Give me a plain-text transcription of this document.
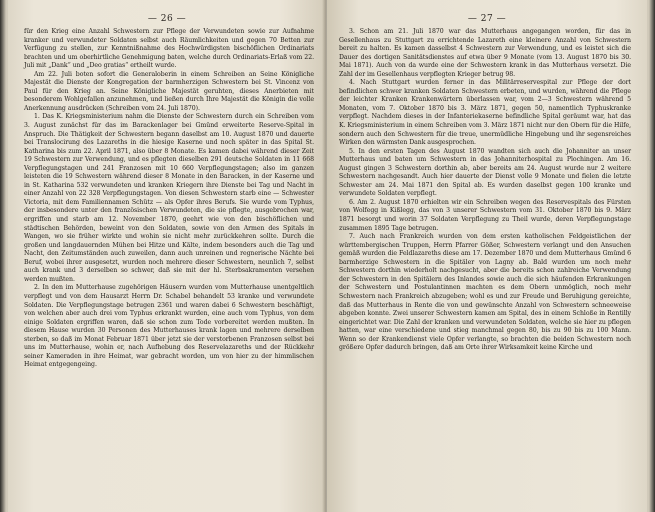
— 26 —

für den Krieg eine Anzahl Schwestern zur Pflege der Verwundeten sowie zur Aufnahme kranker und verwundeter Soldaten selbst auch Räumlichkeiten und gegen 70 Betten zur Verfügung zu stellen, zur Kenntnißnahme des Hochwürdigsten bischöflichen Ordinariats brachten und um oberhirtliche Genehmigung baten, welche durch Ordinariats-Erlaß vom 22. Juli mit „Dank“ und „Deo gratias“ ertheilt wurde.

Am 22. Juli boten sofort die Generaloberin in einem Schreiben an Seine Königliche Majestät die Dienste der Kongregation der barmherzigen Schwestern bei St. Vincenz von Paul für den Krieg an. Seine Königliche Majestät geruhten, dieses Anerbieten mit besonderem Wohlgefallen anzunehmen, und ließen durch Ihre Majestät die Königin die volle Anerkennung ausdrücken (Schreiben vom 24. Juli 1870).

1. Das K. Kriegsministerium nahm die Dienste der Schwestern durch ein Schreiben vom 3. August zunächst für das im Barackenlager bei Gmünd erweiterte Reserve-Spital in Anspruch. Die Thätigkeit der Schwestern begann daselbst am 10. August 1870 und dauerte bei Translocirung des Lazareths in die hiesige Kaserne und noch später in das Spital St. Katharina bis zum 22. April 1871, also über 8 Monate. Es kamen dabei während dieser Zeit 19 Schwestern zur Verwendung, und es pflegten dieselben 291 deutsche Soldaten in 11 668 Verpflegungstagen und 241 Franzosen mit 10 660 Verpflegungstagen; also im ganzen leisteten die 19 Schwestern während dieser 8 Monate in den Baracken, in der Kaserne und in St. Katharina 532 verwundeten und kranken Kriegern ihre Dienste bei Tag und Nacht in einer Anzahl von 22 328 Verpflegungstagen. Von diesen Schwestern starb eine — Schwester Victoria, mit dem Familiennamen Schütz — als Opfer ihres Berufs. Sie wurde vom Typhus, der insbesondere unter den französischen Verwundeten, die sie pflegte, ausgebrochen war, ergriffen und starb am 12. November 1870, geehrt wie von den bischöflichen und städtischen Behörden, beweint von den Soldaten, sowie von den Armen des Spitals in Wangen, wo sie früher wirkte und wohin sie nicht mehr zurückkehren sollte. Durch die großen und langdauernden Mühen bei Hitze und Kälte, indem besonders auch die Tag und Nacht, den Zeitumständen auch zuweilen, dann auch unreinen und regnerische Nächte bei Beruf, wobei ihrer ausgesetzt, wurden noch mehrere dieser Schwestern, neunlich 7, selbst auch krank und 3 derselben so schwer, daß sie mit der hl. Sterbsakramenten versehen werden mußten.

2. In den im Mutterhause zugehörigen Häusern wurden vom Mutterhause unentgeltlich verpflegt und von dem Hausarzt Herrn Dr. Schabel behandelt 53 kranke und verwundete Soldaten. Die Verpflegungstage betrugen 2361 und waren dabei 6 Schwestern beschäftigt, von welchen aber auch drei vom Typhus erkrankt wurden, eine auch vom Typhus, von dem einige Soldaten ergriffen waren, daß sie schon zum Tode vorbereitet werden mußten. In diesem Hause wurden 30 Personen des Mutterhauses krank lagen und mehrere derselben sterben, so daß im Monat Februar 1871 über jetzt sie der verstorbenen Franzosen selbst bei uns im Mutterhause, wohin er, nach Aufhebung des Reservelazareths und der Rückkehr seiner Kameraden in ihre Heimat, war gebracht worden, um von hier zu der himmlischen Heimat entgegengeing.

— 27 —

3. Schon am 21. Juli 1870 war das Mutterhaus angegangen worden, für das in Gesellenhaus zu Stuttgart zu errichtende Lazareth eine kleinere Anzahl von Schwestern bereit zu halten. Es kamen dasselbst 4 Schwestern zur Verwendung, und es leistet sich die Dauer des dortigen Sanitätsdienstes auf etwa über 9 Monate (vom 13. August 1870 bis 30. Mai 1871). Auch von da wurde eine der Schwestern krank in das Mutterhaus versetzt. Die Zahl der im Gesellenhaus verpflegten Krieger betrug 98.

4. Nach Stuttgart wurden ferner in das Militärreservespital zur Pflege der dort befindlichen schwer kranken Soldaten Schwestern erbeten, und wurden, während die Pflege der leichter Kranken Krankenwärtern überlassen war, vom 2—3 Schwestern während 5 Monaten, vom 7. Oktober 1870 bis 3. März 1871, gegen 50, namentlich Typhuskranke verpflegt. Nachdem dieses in der Infanteriekaserne befindliche Spital geräumt war, hat das K. Kriegsministerium in einem Schreiben vom 3. März 1871 nicht nur den Obern für die Hilfe, sondern auch den Schwestern für die treue, unermüdliche Hingebung und ihr segensreiches Wirken den wärmsten Dank ausgesprochen.

5. In den ersten Tagen des August 1870 wandten sich auch die Johanniter an unser Mutterhaus und baten um Schwestern in das Johanniterhospital zu Plochingen. Am 16. August gingen 3 Schwestern dorthin ab, aber bereits am 24. August wurde nur 2 weitere Schwestern nachgesandt. Auch hier dauerte der Dienst volle 9 Monate und fielen die letzte Schwester am 24. Mai 1871 den Spital ab. Es wurden daselbst gegen 100 kranke und verwundete Soldaten verpflegt.

6. Am 2. August 1870 erhielten wir ein Schreiben wegen des Reservespitals des Fürsten von Wolfegg in Kißlegg, das von 3 unserer Schwestern vom 31. Oktober 1870 bis 9. März 1871 besorgt und worin 37 Soldaten Verpflegung zu Theil wurde, deren Verpflegungstage zusammen 1895 Tage betrugen.

7. Auch nach Frankreich wurden von dem ersten katholischen Feldgeistlichen der württembergischen Truppen, Herrn Pfarrer Gößer, Schwestern verlangt und den Ansuchen gemäß wurden die Feldlazareths diese am 17. Dezember 1870 und dem Mutterhaus Gmünd 6 barmherzige Schwestern in die Spitäler von Lagny ab. Bald wurden um noch mehr Schwestern dorthin wiederholt nachgesucht, aber die bereits schon zahlreiche Verwendung der Schwestern in den Spitälern des Inlandes sowie auch die sich häufenden Erkrankungen der Schwestern und Postulantinnen machten es dem Obern unmöglich, noch mehr Schwestern nach Frankreich abzugeben; wohl es und zur Freude und Beruhigung gereichte, daß das Mutterhaus in Rente die von und gewünschte Anzahl von Schwestern schneeweise abgeben konnte. Zwei unserer Schwestern kamen am Spital, des in einem Schloße in Rentilly eingerichtet war. Die Zahl der kranken und verwundeten Soldaten, welche sie hier zu pflegen hatten, war eine verschiedene und stieg manchmal gegen 80, bis zu 90 bis zu 100 Mann. Wenn so der Krankendienst viele Opfer verlangte, so brachten die beiden Schwestern noch größere Opfer dadurch bringen, daß am Orte ihrer Wirksamkeit keine Kirche und
